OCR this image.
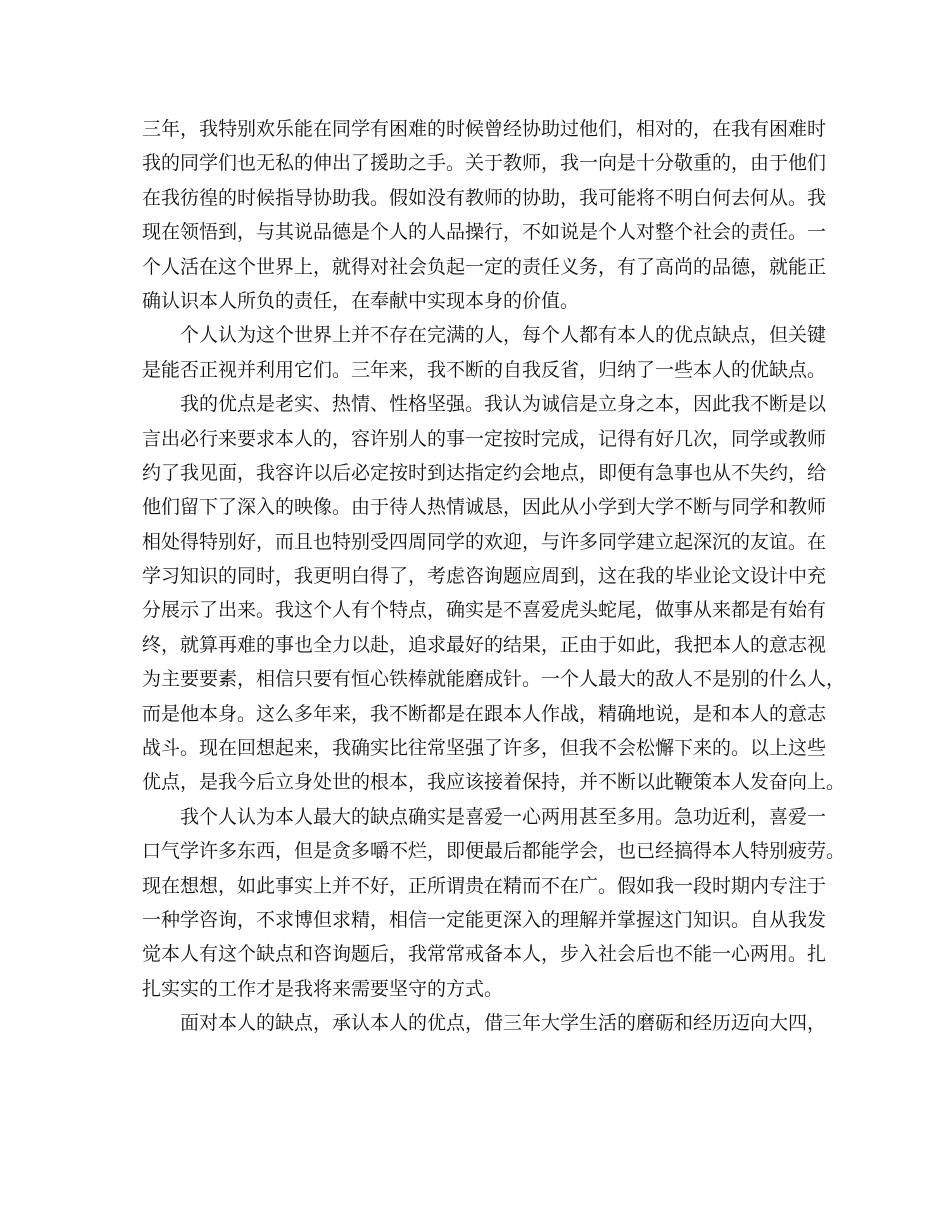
三年，我特别欢乐能在同学有困难的时候曾经协助过他们，相对的，在我有困难时
我的同学们也无私的伸出了援助之手。关于教师，我一向是十分敬重的，由于他们
在我彷徨的时候指导协助我。假如没有教师的协助，我可能将不明白何去何从。我
现在领悟到，与其说品德是个人的人品操行，不如说是个人对整个社会的责任。一
个人活在这个世界上，就得对社会负起一定的责任义务，有了高尚的品德，就能正
确认识本人所负的责任，在奉献中实现本身的价值。
个人认为这个世界上并不存在完满的人，每个人都有本人的优点缺点，但关键
是能否正视并利用它们。三年来，我不断的自我反省，归纳了一些本人的优缺点。
我的优点是老实、热情、性格坚强。我认为诚信是立身之本，因此我不断是以
言出必行来要求本人的，容许别人的事一定按时完成，记得有好几次，同学或教师
约了我见面，我容许以后必定按时到达指定约会地点，即便有急事也从不失约，给
他们留下了深入的映像。由于待人热情诚恳，因此从小学到大学不断与同学和教师
相处得特别好，而且也特别受四周同学的欢迎，与许多同学建立起深沉的友谊。在
学习知识的同时，我更明白得了，考虑咨询题应周到，这在我的毕业论文设计中充
分展示了出来。我这个人有个特点，确实是不喜爱虎头蛇尾，做事从来都是有始有
终，就算再难的事也全力以赴，追求最好的结果，正由于如此，我把本人的意志视
为主要要素，相信只要有恒心铁棒就能磨成针。一个人最大的敌人不是别的什么人，
而是他本身。这么多年来，我不断都是在跟本人作战，精确地说，是和本人的意志
战斗。现在回想起来，我确实比往常坚强了许多，但我不会松懈下来的。以上这些
优点，是我今后立身处世的根本，我应该接着保持，并不断以此鞭策本人发奋向上。
我个人认为本人最大的缺点确实是喜爱一心两用甚至多用。急功近利，喜爱一
口气学许多东西，但是贪多嚼不烂，即便最后都能学会，也已经搞得本人特别疲劳。
现在想想，如此事实上并不好，正所谓贵在精而不在广。假如我一段时期内专注于
一种学咨询，不求博但求精，相信一定能更深入的理解并掌握这门知识。自从我发
觉本人有这个缺点和咨询题后，我常常戒备本人，步入社会后也不能一心两用。扎
扎实实的工作才是我将来需要坚守的方式。
面对本人的缺点，承认本人的优点，借三年大学生活的磨砺和经历迈向大四，
